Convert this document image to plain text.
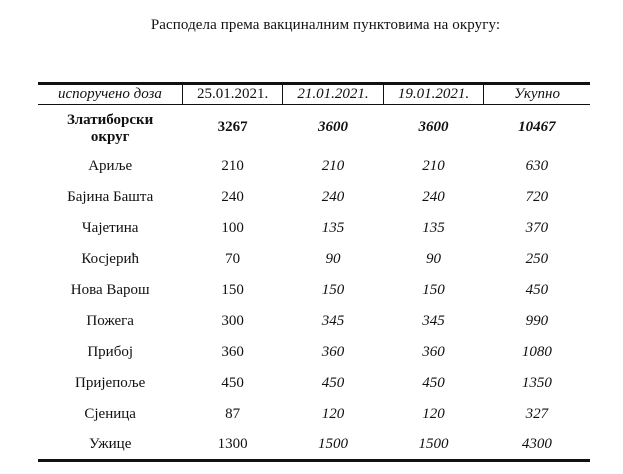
Расподела према вакциналним пунктовима на округу:
испоручено доза	25.01.2021.	21.01.2021.	19.01.2021.	Укупно
Златиборски
округ	3267	3600	3600	10467
Ариље	210	210	210	630
Бајина Башта	240	240	240	720
Чајетина	100	135	135	370
Косјерић	70	90	90	250
Нова Варош	150	150	150	450
Пожега	300	345	345	990
Прибој	360	360	360	1080
Пријепоље	450	450	450	1350
Сјеница	87	120	120	327
Ужице	1300	1500	1500	4300
